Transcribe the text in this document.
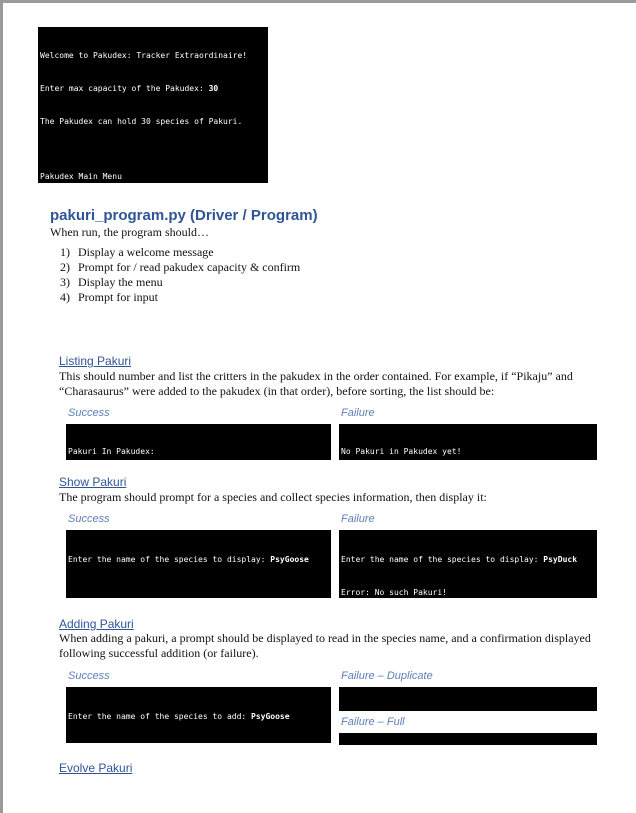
Welcome to Pakudex: Tracker Extraordinaire!

Enter max capacity of the Pakudex: 30

The Pakudex can hold 30 species of Pakuri.

Pakudex Main Menu

pakuri_program.py (Driver / Program)
When run, the program should…
1) Display a welcome message
2) Prompt for / read pakudex capacity & confirm
3) Display the menu
4) Prompt for input
Listing Pakuri
This should number and list the critters in the pakudex in the order contained. For example, if “Pikaju” and
“Charasaurus” were added to the pakudex (in that order), before sorting, the list should be:
Success	Failure

Pakuri In Pakudex:

	No Pakuri in Pakudex yet!

Show Pakuri
The program should prompt for a species and collect species information, then display it:
Success	Failure

Enter the name of the species to display: PsyGoose

	Enter the name of the species to display: PsyDuck

Error: No such Pakuri!

Adding Pakuri
When adding a pakuri, a prompt should be displayed to read in the species name, and a confirmation displayed
following successful addition (or failure).
Success	Failure – Duplicate

Enter the name of the species to add: PsyGoose

	Failure – Full

Evolve Pakuri
